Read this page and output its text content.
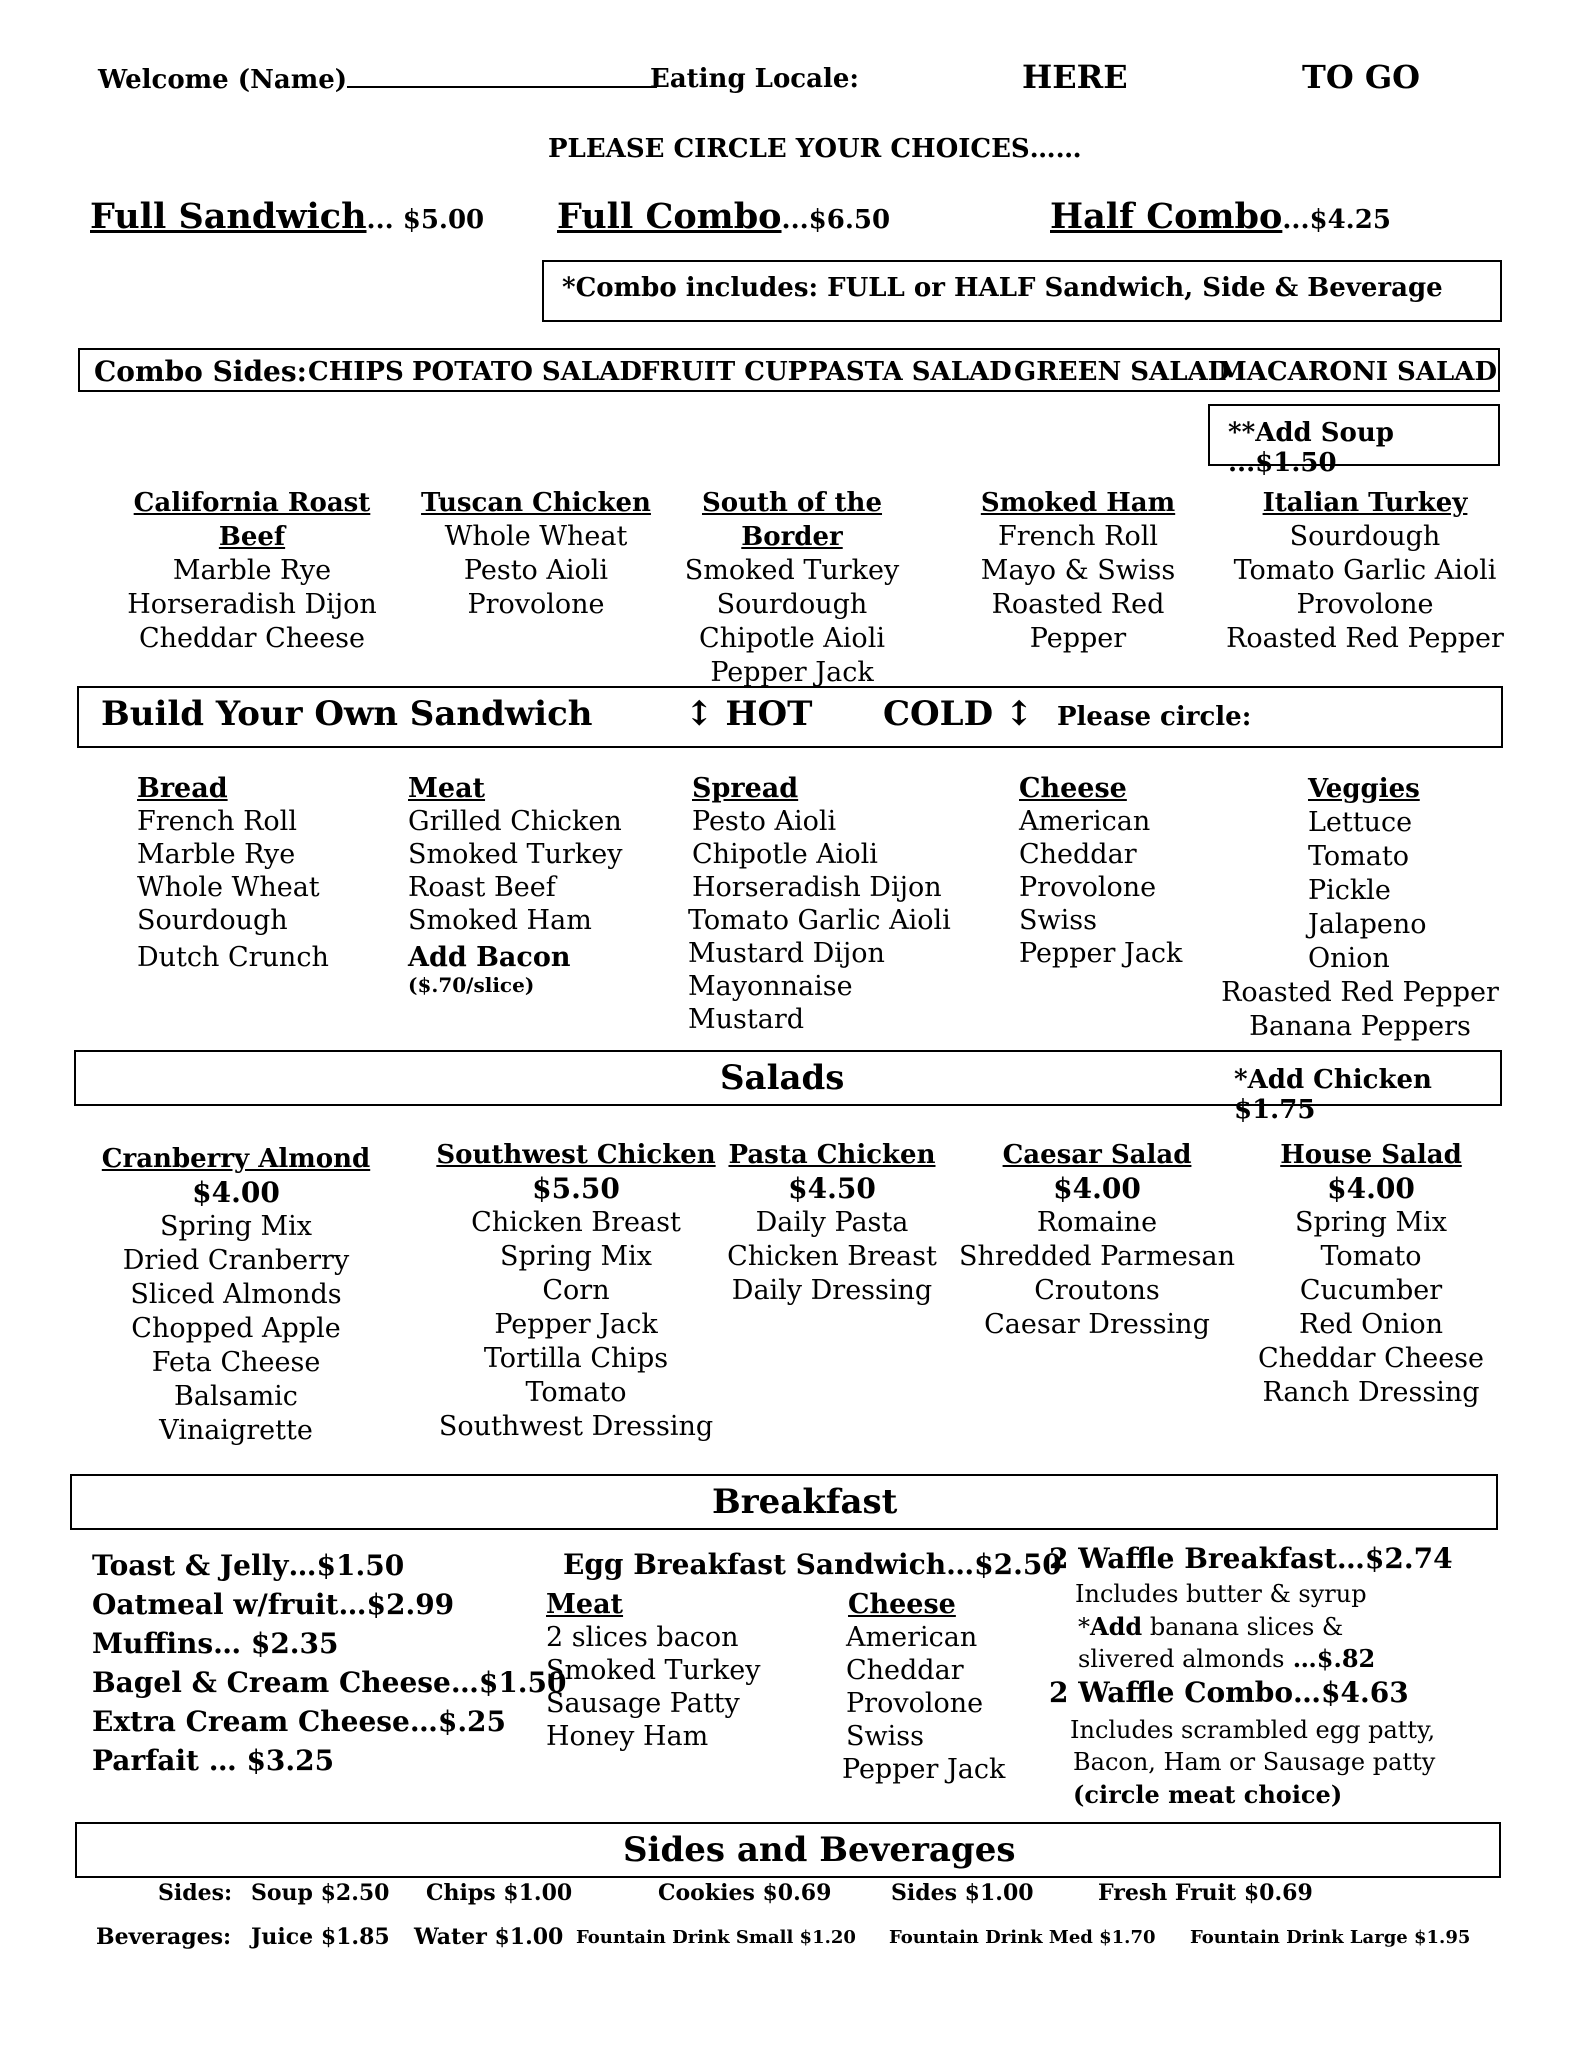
Welcome (Name)	Eating Locale:	HERE	TO GO
PLEASE CIRCLE YOUR CHOICES……
Full Sandwich... $5.00 Full Combo...$6.50	Half Combo...$4.25
*Combo includes: FULL or HALF Sandwich, Side & Beverage
Combo Sides: CHIPS POTATO SALAD FRUIT CUP PASTA SALAD GREEN SALAD
MACARONI SALAD
**Add Soup ...$1.50
California Roast Beef
Marble Rye
Horseradish Dijon
Cheddar Cheese
Tuscan Chicken
Whole Wheat
Pesto Aioli
Provolone
South of the Border
Smoked Turkey
Sourdough
Chipotle Aioli
Pepper Jack
Smoked Ham
French Roll
Mayo & Swiss
Roasted Red Pepper
Italian Turkey
Sourdough
Tomato Garlic Aioli
Provolone
Roasted Red Pepper
Build Your Own Sandwich	↕ HOT COLD ↕ Please circle:
Bread
French Roll
Marble Rye
Whole Wheat
Sourdough
Dutch Crunch
Meat
Grilled Chicken
Smoked Turkey
Roast Beef
Smoked Ham
Add Bacon
($.70/slice)
Spread
Pesto Aioli
Chipotle Aioli
Horseradish Dijon
Tomato Garlic Aioli
Mustard Dijon
Mayonnaise
Mustard
Cheese
American
Cheddar
Provolone
Swiss
Pepper Jack
Veggies
Lettuce
Tomato
Pickle
Jalapeno
Onion
Roasted Red Pepper
Banana Peppers
Salads	*Add Chicken $1.75
Cranberry Almond
$4.00
Spring Mix
Dried Cranberry
Sliced Almonds
Chopped Apple
Feta Cheese
Balsamic Vinaigrette
Southwest Chicken
$5.50
Chicken Breast
Spring Mix
Corn
Pepper Jack
Tortilla Chips
Tomato
Southwest Dressing
Pasta Chicken
$4.50
Daily Pasta
Chicken Breast
Daily Dressing
Caesar Salad
$4.00
Romaine
Shredded Parmesan
Croutons
Caesar Dressing
House Salad
$4.00
Spring Mix
Tomato
Cucumber
Red Onion
Cheddar Cheese
Ranch Dressing
Breakfast
Toast & Jelly…$1.50
Oatmeal w/fruit…$2.99
Muffins… $2.35
Bagel & Cream Cheese…$1.50
Extra Cream Cheese…$.25
Parfait … $3.25
Egg Breakfast Sandwich…$2.50
Meat
2 slices bacon
Smoked Turkey
Sausage Patty
Honey Ham
Cheese
American
Cheddar
Provolone
Swiss
Pepper Jack
2 Waffle Breakfast…$2.74
Includes butter & syrup
*Add banana slices &
slivered almonds …$.82
2 Waffle Combo…$4.63
Includes scrambled egg patty,
Bacon, Ham or Sausage patty
(circle meat choice)
Sides and Beverages
Sides: Soup $2.50 Chips $1.00	Cookies $0.69	Sides $1.00	Fresh Fruit $0.69
Beverages: Juice $1.85 Water $1.00 Fountain Drink Small $1.20 Fountain Drink Med $1.70 Fountain Drink Large $1.95
